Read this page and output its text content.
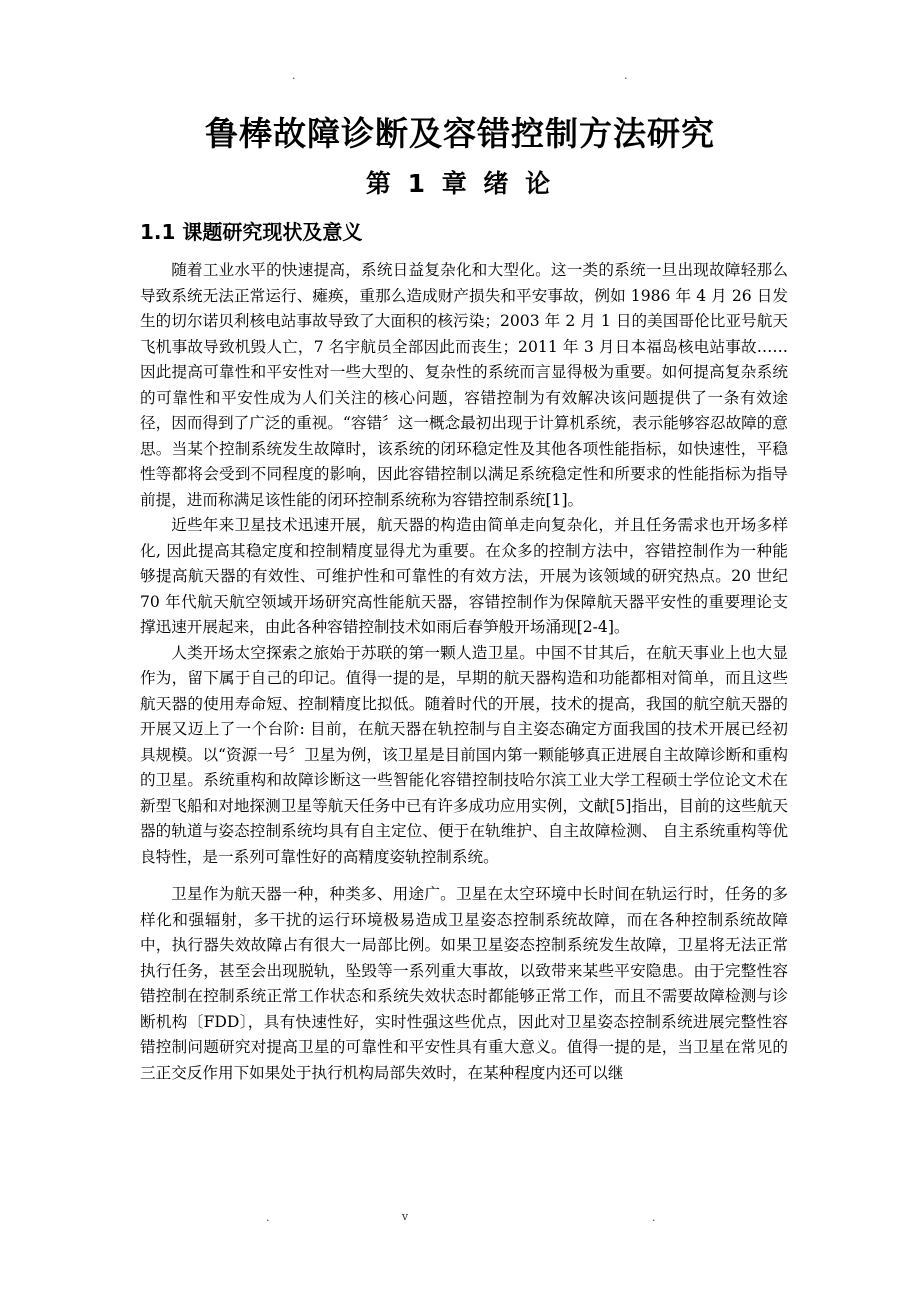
.	.
鲁棒故障诊断及容错控制方法研究
第 1 章 绪 论
1.1 课题研究现状及意义

随着工业水平的快速提高，系统日益复杂化和大型化。这一类的系统一旦出现故障轻那么导致系统无法正常运行、瘫痪，重那么造成财产损失和平安事故，例如 1986 年 4 月 26 日发生的切尔诺贝利核电站事故导致了大面积的核污染；2003 年 2 月 1 日的美国哥伦比亚号航天飞机事故导致机毁人亡，7 名宇航员全部因此而丧生；2011 年 3 月日本福岛核电站事故……因此提高可靠性和平安性对一些大型的、复杂性的系统而言显得极为重要。如何提高复杂系统的可靠性和平安性成为人们关注的核心问题，容错控制为有效解决该问题提供了一条有效途径，因而得到了广泛的重视。“容错〞这一概念最初出现于计算机系统，表示能够容忍故障的意思。当某个控制系统发生故障时，该系统的闭环稳定性及其他各项性能指标，如快速性，平稳性等都将会受到不同程度的影响，因此容错控制以满足系统稳定性和所要求的性能指标为指导前提，进而称满足该性能的闭环控制系统称为容错控制系统[1]。

近些年来卫星技术迅速开展，航天器的构造由简单走向复杂化，并且任务需求也开场多样化, 因此提高其稳定度和控制精度显得尤为重要。在众多的控制方法中，容错控制作为一种能够提高航天器的有效性、可维护性和可靠性的有效方法，开展为该领域的研究热点。20 世纪 70 年代航天航空领域开场研究高性能航天器，容错控制作为保障航天器平安性的重要理论支撑迅速开展起来，由此各种容错控制技术如雨后春笋般开场涌现[2-4]。

人类开场太空探索之旅始于苏联的第一颗人造卫星。中国不甘其后，在航天事业上也大显作为，留下属于自己的印记。值得一提的是，早期的航天器构造和功能都相对简单，而且这些航天器的使用寿命短、控制精度比拟低。随着时代的开展，技术的提高，我国的航空航天器的开展又迈上了一个台阶: 目前，在航天器在轨控制与自主姿态确定方面我国的技术开展已经初具规模。以“资源一号〞卫星为例，该卫星是目前国内第一颗能够真正进展自主故障诊断和重构的卫星。系统重构和故障诊断这一些智能化容错控制技哈尔滨工业大学工程硕士学位论文术在新型飞船和对地探测卫星等航天任务中已有许多成功应用实例，文献[5]指出，目前的这些航天器的轨道与姿态控制系统均具有自主定位、便于在轨维护、自主故障检测、 自主系统重构等优良特性，是一系列可靠性好的高精度姿轨控制系统。

卫星作为航天器一种，种类多、用途广。卫星在太空环境中长时间在轨运行时，任务的多样化和强辐射，多干扰的运行环境极易造成卫星姿态控制系统故障，而在各种控制系统故障中，执行器失效故障占有很大一局部比例。如果卫星姿态控制系统发生故障，卫星将无法正常执行任务，甚至会出现脱轨，坠毁等一系列重大事故，以致带来某些平安隐患。由于完整性容错控制在控制系统正常工作状态和系统失效状态时都能够正常工作，而且不需要故障检测与诊断机构〔FDD〕，具有快速性好，实时性强这些优点，因此对卫星姿态控制系统进展完整性容错控制问题研究对提高卫星的可靠性和平安性具有重大意义。值得一提的是，当卫星在常见的三正交反作用下如果处于执行机构局部失效时，在某种程度内还可以继

.	v	.
